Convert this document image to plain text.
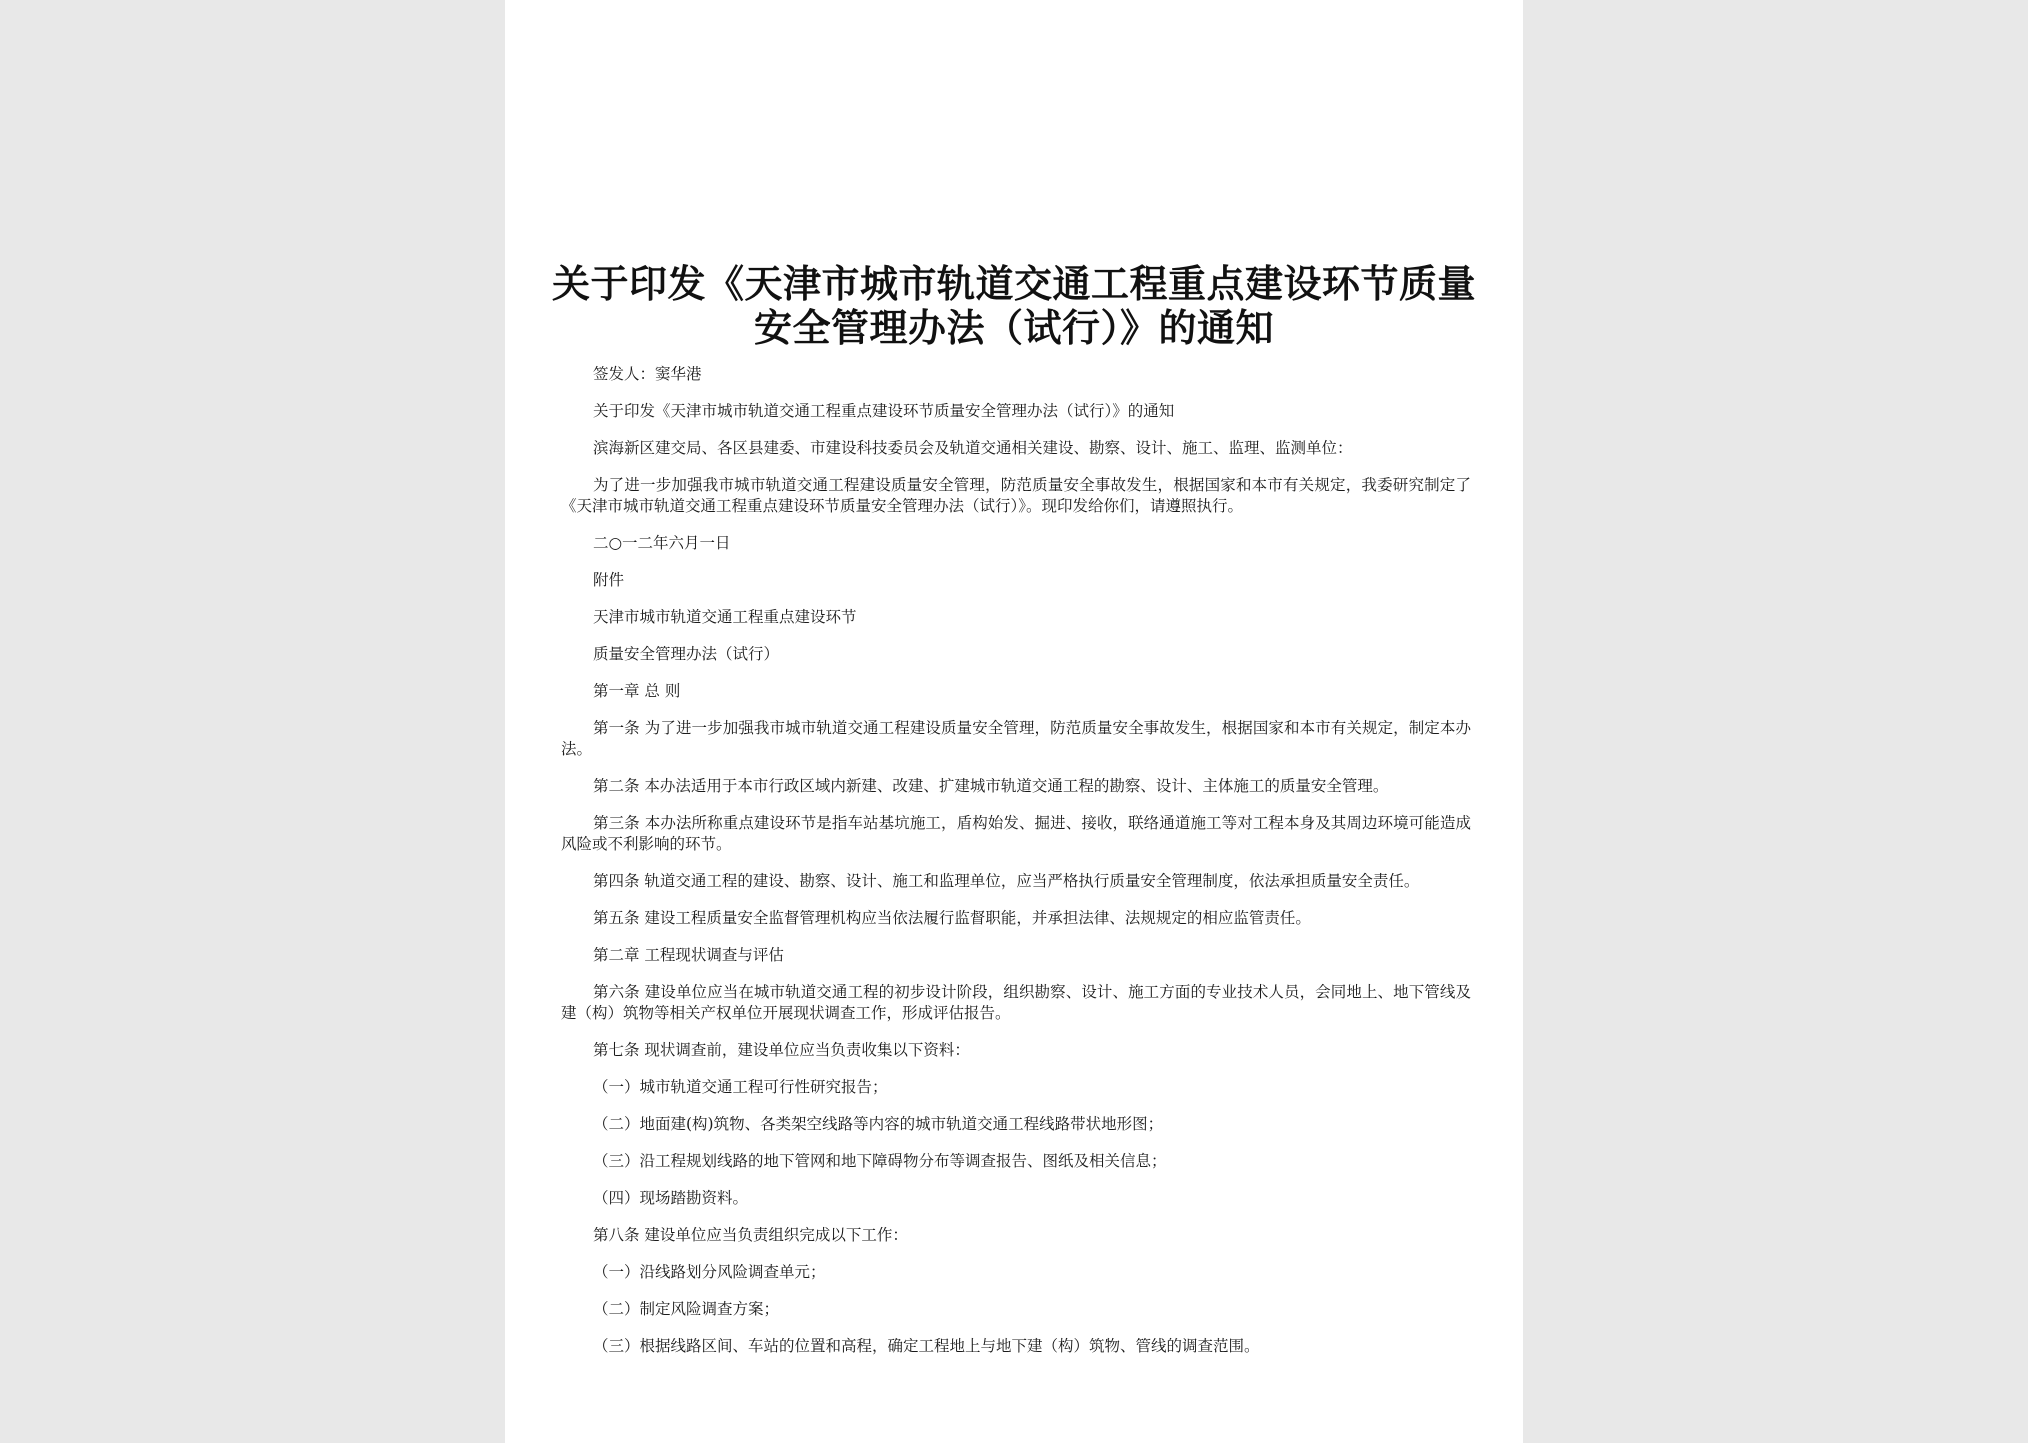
关于印发《天津市城市轨道交通工程重点建设环节质量
安全管理办法（试行）》的通知

签发人：窦华港

关于印发《天津市城市轨道交通工程重点建设环节质量安全管理办法（试行）》的通知

滨海新区建交局、各区县建委、市建设科技委员会及轨道交通相关建设、勘察、设计、施工、监理、监测单位：

为了进一步加强我市城市轨道交通工程建设质量安全管理，防范质量安全事故发生，根据国家和本市有关规定，我委研究制定了《天津市城市轨道交通工程重点建设环节质量安全管理办法（试行）》。现印发给你们，请遵照执行。

二○一二年六月一日

附件

天津市城市轨道交通工程重点建设环节

质量安全管理办法（试行）

第一章 总 则

第一条 为了进一步加强我市城市轨道交通工程建设质量安全管理，防范质量安全事故发生，根据国家和本市有关规定，制定本办法。

第二条 本办法适用于本市行政区域内新建、改建、扩建城市轨道交通工程的勘察、设计、主体施工的质量安全管理。

第三条 本办法所称重点建设环节是指车站基坑施工，盾构始发、掘进、接收，联络通道施工等对工程本身及其周边环境可能造成风险或不利影响的环节。

第四条 轨道交通工程的建设、勘察、设计、施工和监理单位，应当严格执行质量安全管理制度，依法承担质量安全责任。

第五条 建设工程质量安全监督管理机构应当依法履行监督职能，并承担法律、法规规定的相应监管责任。

第二章 工程现状调查与评估

第六条 建设单位应当在城市轨道交通工程的初步设计阶段，组织勘察、设计、施工方面的专业技术人员，会同地上、地下管线及建（构）筑物等相关产权单位开展现状调查工作，形成评估报告。

第七条 现状调查前，建设单位应当负责收集以下资料：

（一）城市轨道交通工程可行性研究报告；

（二）地面建(构)筑物、各类架空线路等内容的城市轨道交通工程线路带状地形图；

（三）沿工程规划线路的地下管网和地下障碍物分布等调查报告、图纸及相关信息；

（四）现场踏勘资料。

第八条 建设单位应当负责组织完成以下工作：

（一）沿线路划分风险调查单元；

（二）制定风险调查方案；

（三）根据线路区间、车站的位置和高程，确定工程地上与地下建（构）筑物、管线的调查范围。
